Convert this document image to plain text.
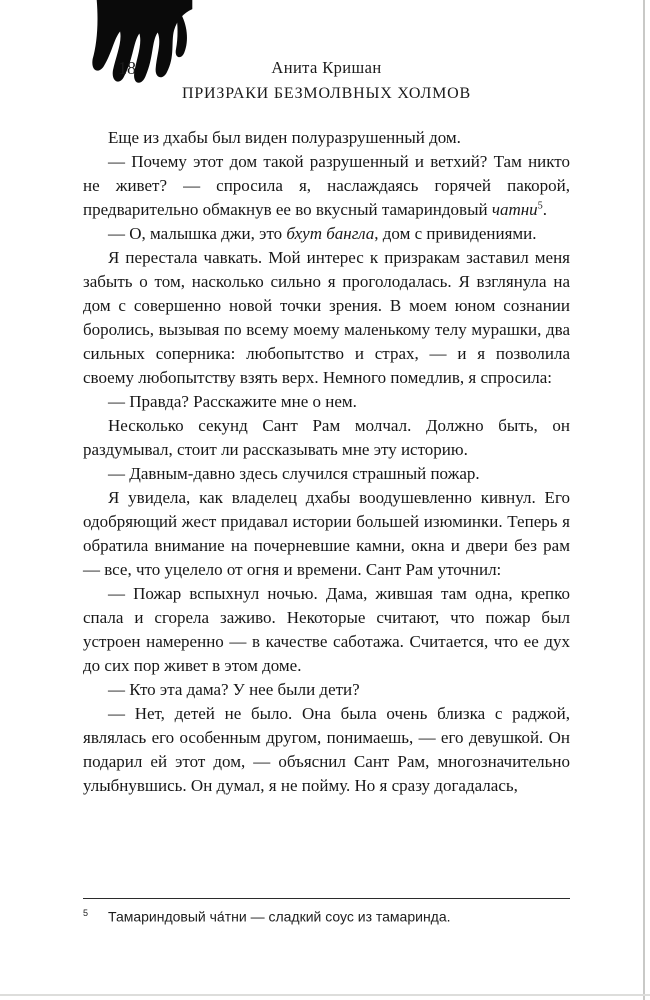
18	Анита Кришан
ПРИЗРАКИ БЕЗМОЛВНЫХ ХОЛМОВ

Еще из дхабы был виден полуразрушенный дом.

— Почему этот дом такой разрушенный и ветхий? Там никто не живет? — спросила я, наслаждаясь горячей пакорой, предварительно обмакнув ее во вкусный тамариндовый чатни$^5$.

— О, малышка джи, это бхут бангла, дом с привидениями.

Я перестала чавкать. Мой интерес к призракам заставил меня забыть о том, насколько сильно я проголодалась. Я взглянула на дом с совершенно новой точки зрения. В моем юном сознании боролись, вызывая по всему моему маленькому телу мурашки, два сильных соперника: любопытство и страх, — и я позволила своему любопытству взять верх. Немного помедлив, я спросила:

— Правда? Расскажите мне о нем.

Несколько секунд Сант Рам молчал. Должно быть, он раздумывал, стоит ли рассказывать мне эту историю.

— Давным-давно здесь случился страшный пожар.

Я увидела, как владелец дхабы воодушевленно кивнул. Его одобряющий жест придавал истории большей изюминки. Теперь я обратила внимание на почерневшие камни, окна и двери без рам — все, что уцелело от огня и времени. Сант Рам уточнил:

— Пожар вспыхнул ночью. Дама, жившая там одна, крепко спала и сгорела заживо. Некоторые считают, что пожар был устроен намеренно — в качестве саботажа. Считается, что ее дух до сих пор живет в этом доме.

— Кто эта дама? У нее были дети?

— Нет, детей не было. Она была очень близка с раджой, являлась его особенным другом, понимаешь, — его девушкой. Он подарил ей этот дом, — объяснил Сант Рам, многозначительно улыбнувшись. Он думал, я не пойму. Но я сразу догадалась,

$^5$ Тамариндовый ча́тни — сладкий соус из тамаринда.
